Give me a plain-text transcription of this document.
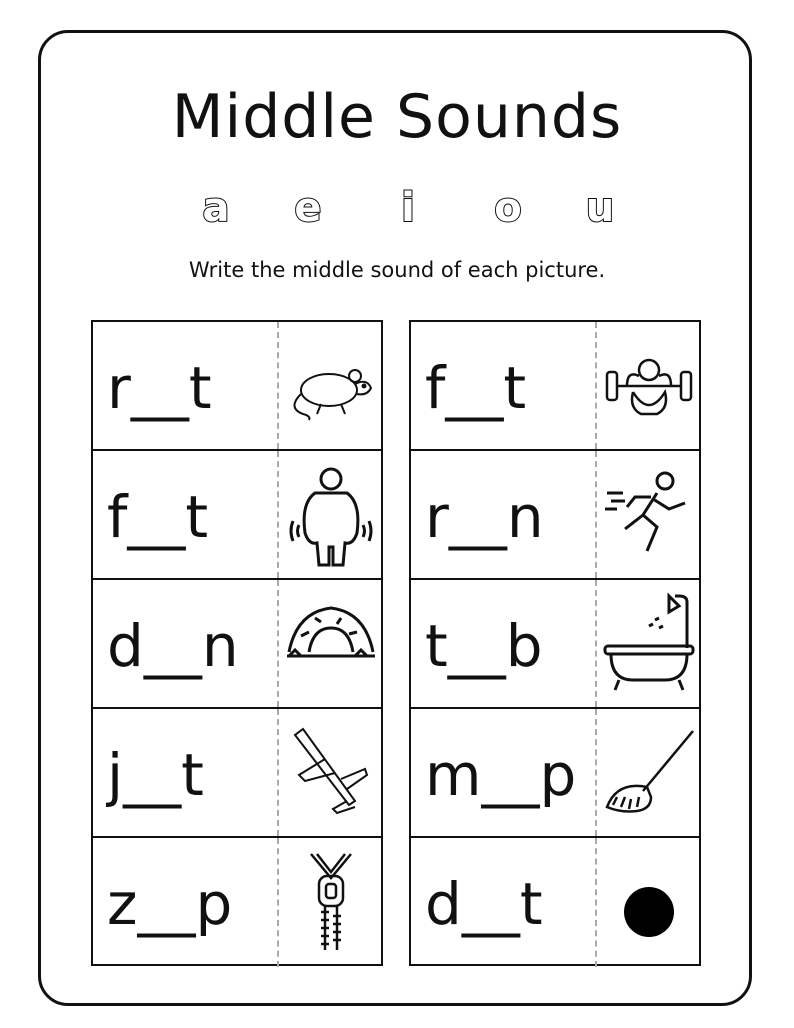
Middle Sounds
a e i o u
Write the middle sound of each picture.
r__t
f__t
d__n
j__t
z__p
f__t
r__n
t__b
m__p
d__t
